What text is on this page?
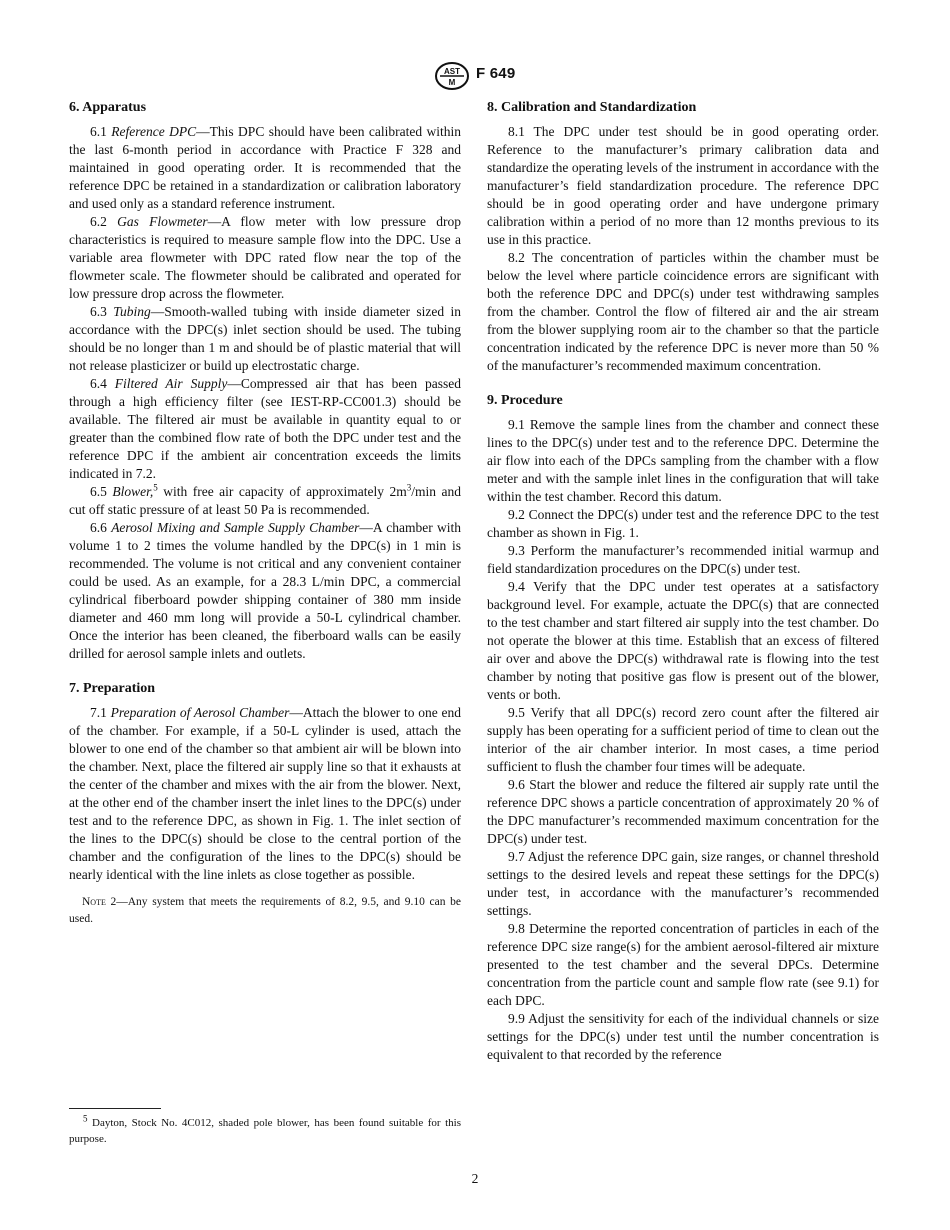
AST
M
F 649
6. Apparatus

6.1 Reference DPC—This DPC should have been calibrated within the last 6-month period in accordance with Practice F 328 and maintained in good operating order. It is recommended that the reference DPC be retained in a standardization or calibration laboratory and used only as a standard reference instrument.

6.2 Gas Flowmeter—A flow meter with low pressure drop characteristics is required to measure sample flow into the DPC. Use a variable area flowmeter with DPC rated flow near the top of the flowmeter scale. The flowmeter should be calibrated and operated for low pressure drop across the flowmeter.

6.3 Tubing—Smooth-walled tubing with inside diameter sized in accordance with the DPC(s) inlet section should be used. The tubing should be no longer than 1 m and should be of plastic material that will not release plasticizer or build up electrostatic charge.

6.4 Filtered Air Supply—Compressed air that has been passed through a high efficiency filter (see IEST-RP-CC001.3) should be available. The filtered air must be available in quantity equal to or greater than the combined flow rate of both the DPC under test and the reference DPC if the ambient air concentration exceeds the limits indicated in 7.2.

6.5 Blower,$^5$ with free air capacity of approximately $2m^3/\min$ and cut off static pressure of at least 50 Pa is recommended.

6.6 Aerosol Mixing and Sample Supply Chamber—A chamber with volume 1 to 2 times the volume handled by the DPC(s) in 1 min is recommended. The volume is not critical and any convenient container could be used. As an example, for a 28.3 L/min DPC, a commercial cylindrical fiberboard powder shipping container of 380 mm inside diameter and 460 mm long will provide a 50-L cylindrical chamber. Once the interior has been cleaned, the fiberboard walls can be easily drilled for aerosol sample inlets and outlets.

7. Preparation

7.1 Preparation of Aerosol Chamber—Attach the blower to one end of the chamber. For example, if a 50-L cylinder is used, attach the blower to one end of the chamber so that ambient air will be blown into the chamber. Next, place the filtered air supply line so that it exhausts at the center of the chamber and mixes with the air from the blower. Next, at the other end of the chamber insert the inlet lines to the DPC(s) under test and to the reference DPC, as shown in Fig. 1. The inlet section of the lines to the DPC(s) should be close to the central portion of the chamber and the configuration of the lines to the DPC(s) should be nearly identical with the line inlets as close together as possible.

Note 2—Any system that meets the requirements of 8.2, 9.5, and 9.10 can be used.

$^5$ Dayton, Stock No. 4C012, shaded pole blower, has been found suitable for this purpose.
8. Calibration and Standardization

8.1 The DPC under test should be in good operating order. Reference to the manufacturer’s primary calibration data and standardize the operating levels of the instrument in accordance with the manufacturer’s field standardization procedure. The reference DPC should be in good operating order and have undergone primary calibration within a period of no more than 12 months previous to its use in this practice.

8.2 The concentration of particles within the chamber must be below the level where particle coincidence errors are significant with both the reference DPC and DPC(s) under test withdrawing samples from the chamber. Control the flow of filtered air and the air stream from the blower supplying room air to the chamber so that the particle concentration indicated by the reference DPC is never more than 50 % of the manufacturer’s recommended maximum concentration.

9. Procedure

9.1 Remove the sample lines from the chamber and connect these lines to the DPC(s) under test and to the reference DPC. Determine the air flow into each of the DPCs sampling from the chamber with a flow meter and with the sample inlet lines in the configuration that will take within the test chamber. Record this datum.

9.2 Connect the DPC(s) under test and the reference DPC to the test chamber as shown in Fig. 1.

9.3 Perform the manufacturer’s recommended initial warmup and field standardization procedures on the DPC(s) under test.

9.4 Verify that the DPC under test operates at a satisfactory background level. For example, actuate the DPC(s) that are connected to the test chamber and start filtered air supply into the test chamber. Do not operate the blower at this time. Establish that an excess of filtered air over and above the DPC(s) withdrawal rate is flowing into the test chamber by noting that positive gas flow is present out of the blower, vents or both.

9.5 Verify that all DPC(s) record zero count after the filtered air supply has been operating for a sufficient period of time to clean out the interior of the air chamber interior. In most cases, a time period sufficient to flush the chamber four times will be adequate.

9.6 Start the blower and reduce the filtered air supply rate until the reference DPC shows a particle concentration of approximately 20 % of the DPC manufacturer’s recommended maximum concentration for the DPC(s) under test.

9.7 Adjust the reference DPC gain, size ranges, or channel threshold settings to the desired levels and repeat these settings for the DPC(s) under test, in accordance with the manufacturer’s recommended settings.

9.8 Determine the reported concentration of particles in each of the reference DPC size range(s) for the ambient aerosol-filtered air mixture presented to the test chamber and the several DPCs. Determine concentration from the particle count and sample flow rate (see 9.1) for each DPC.

9.9 Adjust the sensitivity for each of the individual channels or size settings for the DPC(s) under test until the number concentration is equivalent to that recorded by the reference

2
